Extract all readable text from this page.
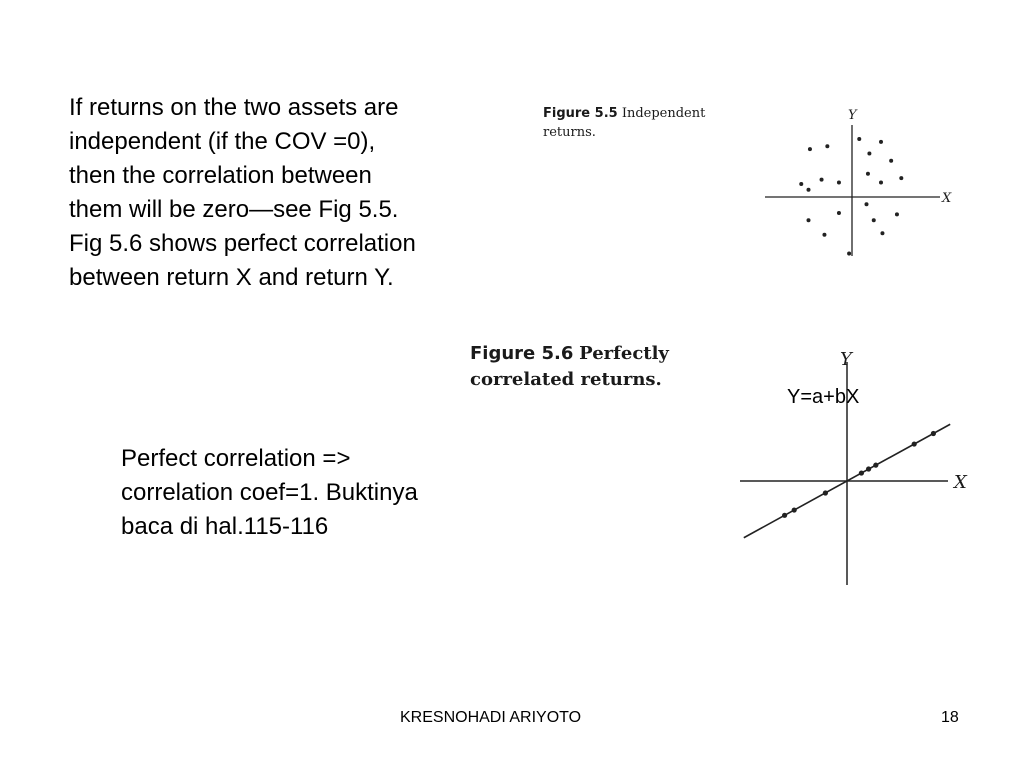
If returns on the two assets are
independent (if the COV =0),
then the correlation between
them will be zero—see Fig 5.5.
Fig 5.6 shows perfect correlation
between return X and return Y.
Figure 5.5 Independent
returns.
Y
X
Figure 5.6 Perfectly
correlated returns.
Y
X
Y=a+bX
Perfect correlation =>
correlation coef=1. Buktinya
baca di hal.115-116
KRESNOHADI ARIYOTO	18
